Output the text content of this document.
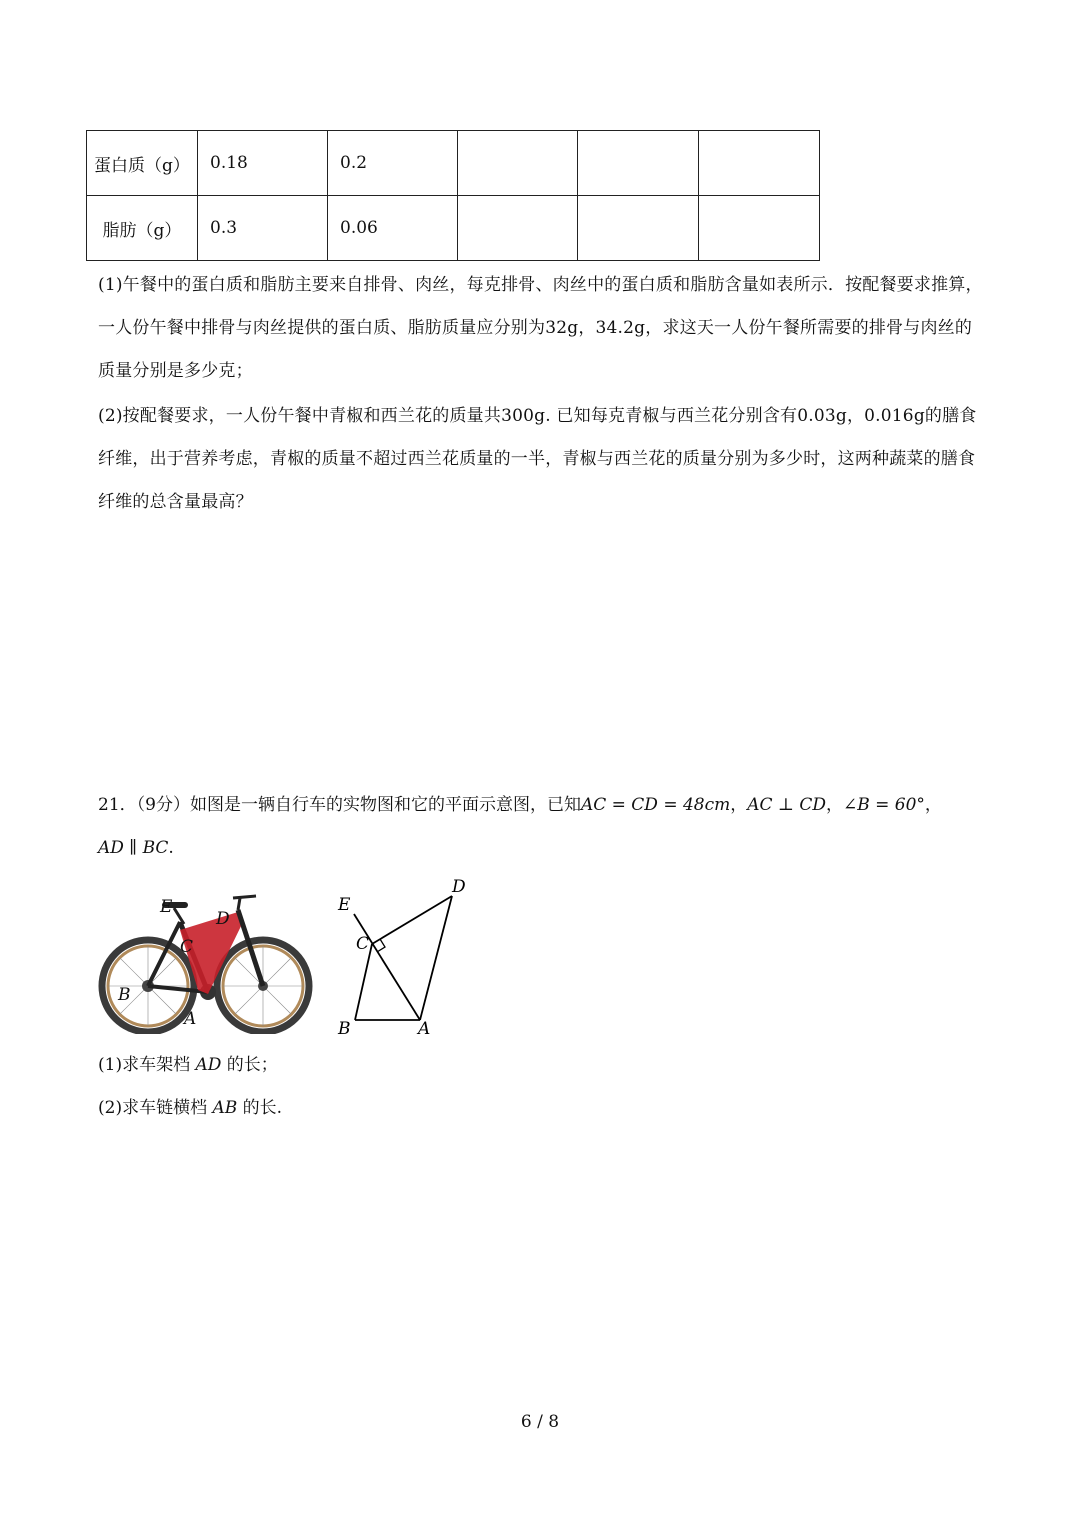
蛋白质（g）	0.18	0.2			
脂肪（g）	0.3	0.06			
(1)午餐中的蛋白质和脂肪主要来自排骨、肉丝，每克排骨、肉丝中的蛋白质和脂肪含量如表所示．按配餐要求推算，一人份午餐中排骨与肉丝提供的蛋白质、脂肪质量应分别为32g，34.2g，求这天一人份午餐所需要的排骨与肉丝的质量分别是多少克；
(2)按配餐要求，一人份午餐中青椒和西兰花的质量共300g. 已知每克青椒与西兰花分别含有0.03g，0.016g的膳食纤维，出于营养考虑，青椒的质量不超过西兰花质量的一半，青椒与西兰花的质量分别为多少时，这两种蔬菜的膳食纤维的总含量最高？
21．（9分）如图是一辆自行车的实物图和它的平面示意图，已知AC = CD = 48cm，AC ⊥ CD，∠B = 60°，
AD ∥ BC.
E
D
C
B
A
E
D
C
B	A
(1)求车架档 AD 的长；
(2)求车链横档 AB 的长.
6 / 8
